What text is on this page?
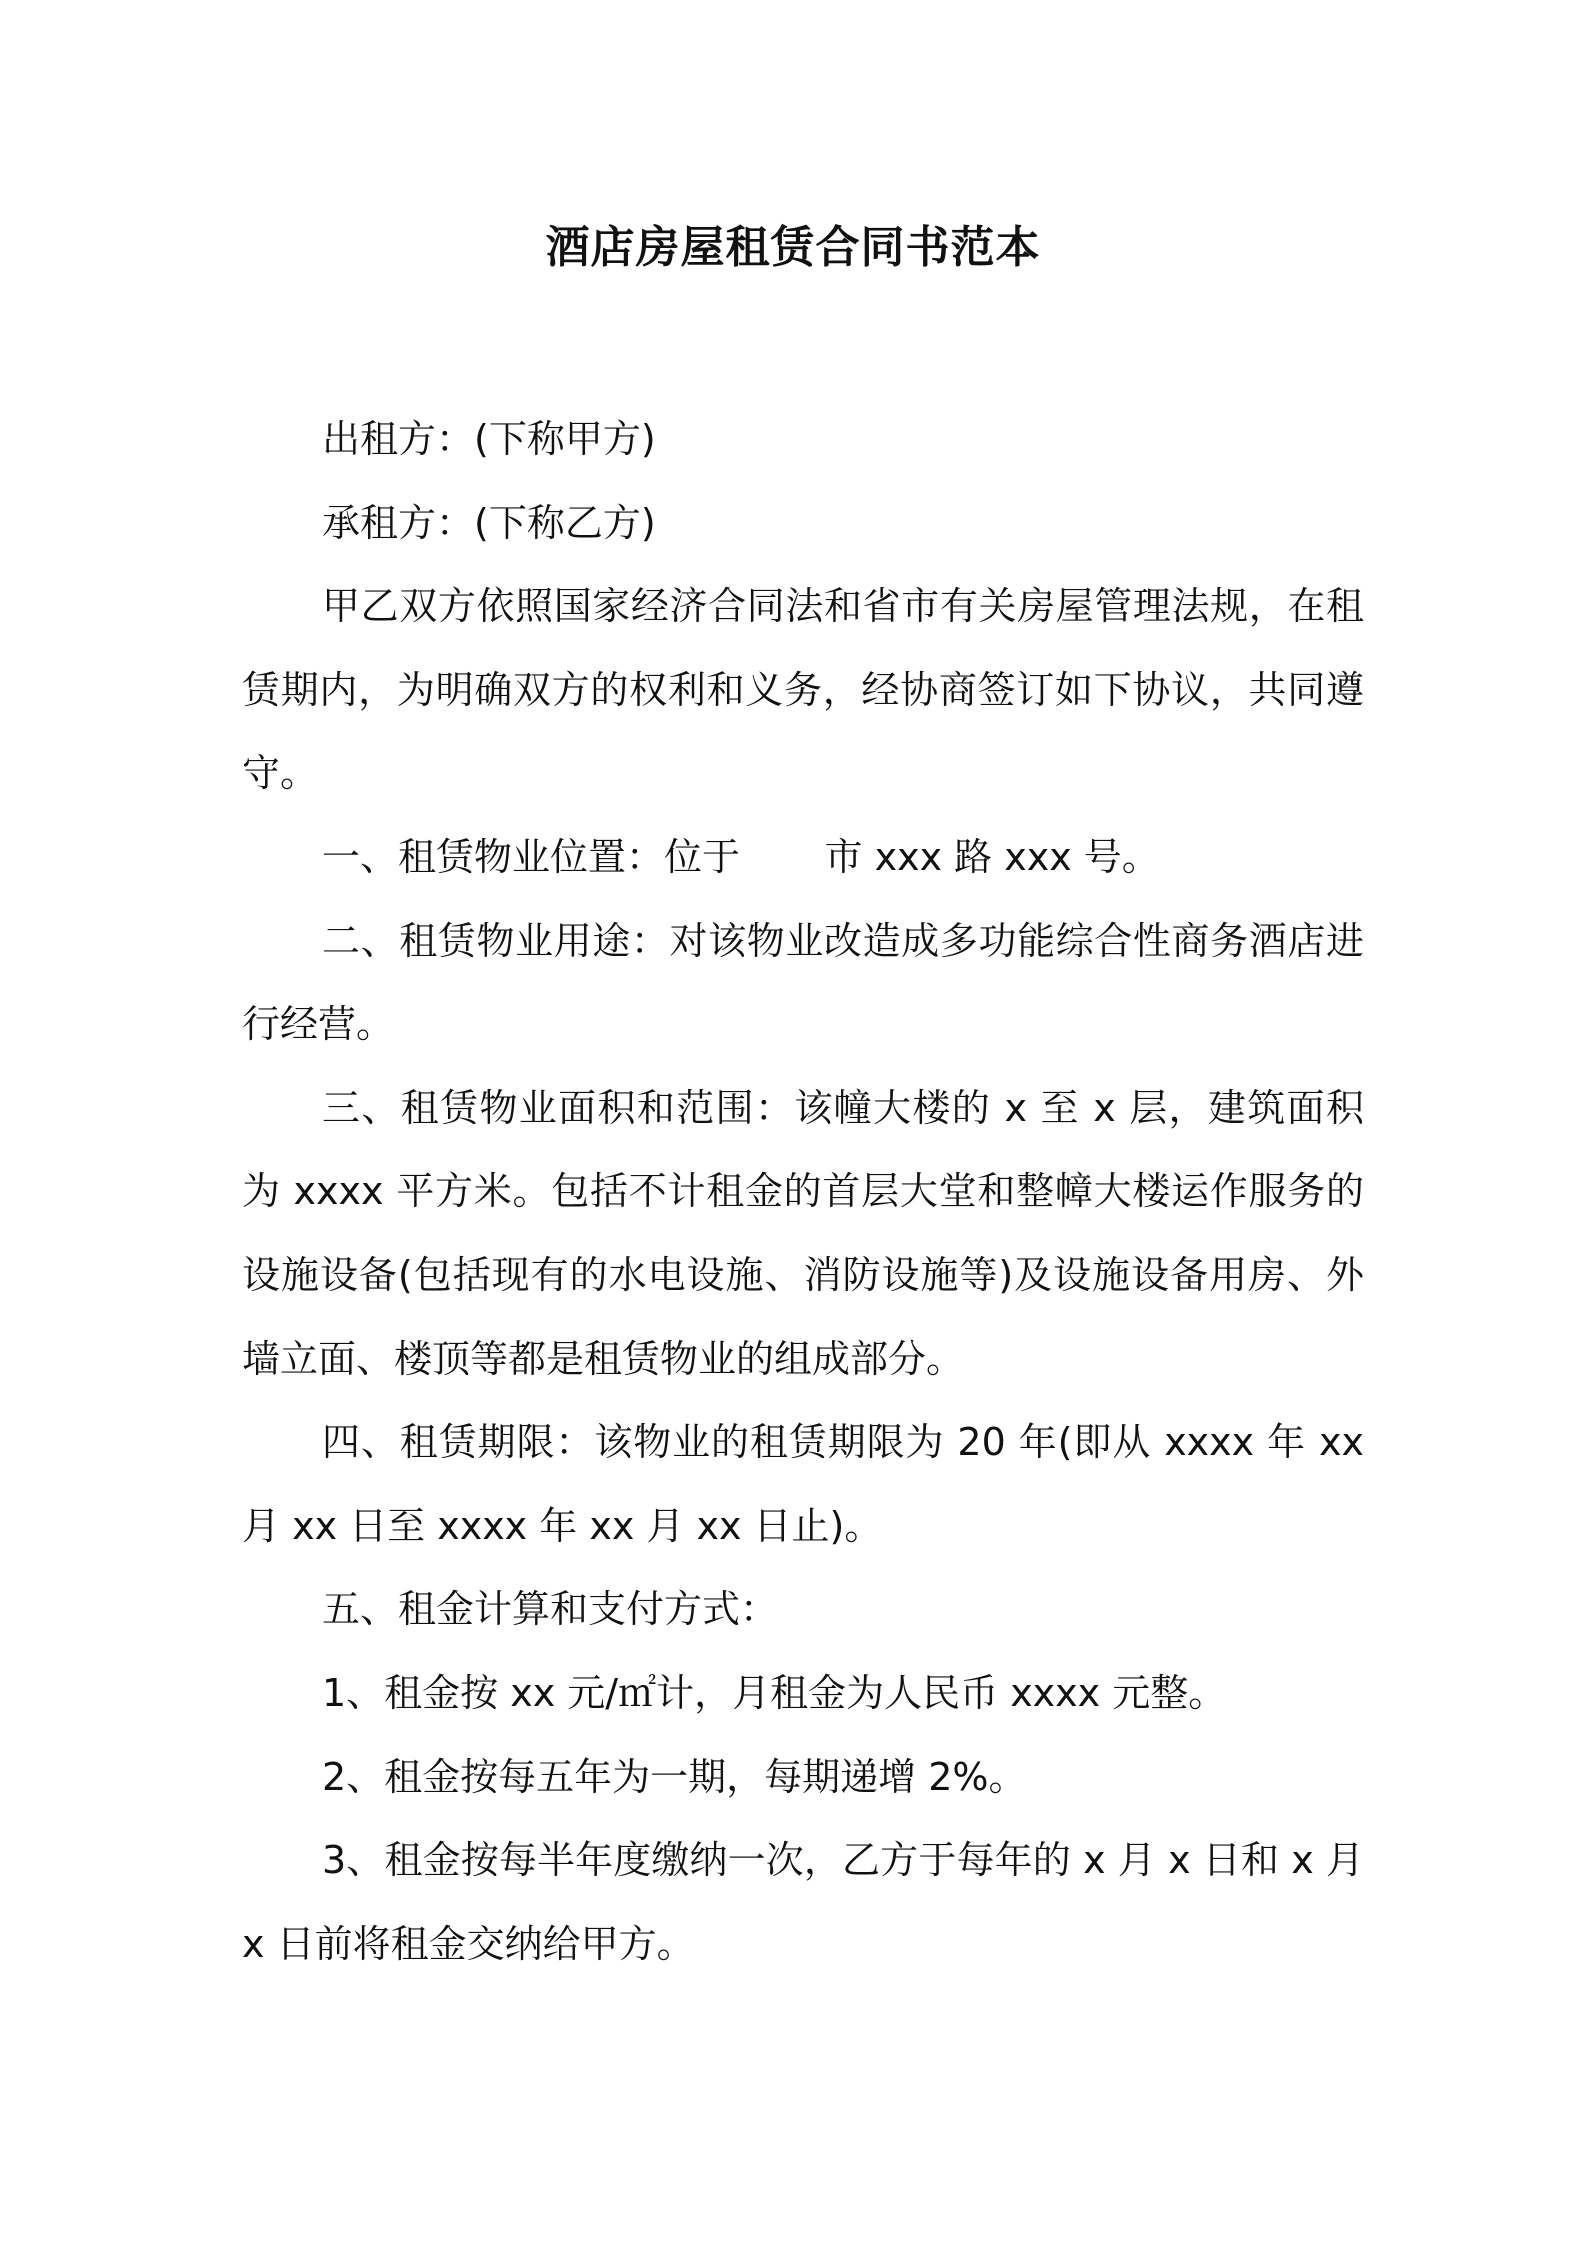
酒店房屋租赁合同书范本

出租方：(下称甲方)

承租方：(下称乙方)

甲乙双方依照国家经济合同法和省市有关房屋管理法规，在租赁期内，为明确双方的权利和义务，经协商签订如下协议，共同遵守。

一、租赁物业位置：位于       市 xxx 路 xxx 号。

二、租赁物业用途：对该物业改造成多功能综合性商务酒店进行经营。

三、租赁物业面积和范围：该幢大楼的 x 至 x 层，建筑面积为 xxxx 平方米。包括不计租金的首层大堂和整幛大楼运作服务的设施设备(包括现有的水电设施、消防设施等)及设施设备用房、外墙立面、楼顶等都是租赁物业的组成部分。

四、租赁期限：该物业的租赁期限为 20 年(即从 xxxx 年 xx 月 xx 日至 xxxx 年 xx 月 xx 日止)。

五、租金计算和支付方式：

1、租金按 xx 元/㎡计，月租金为人民币 xxxx 元整。

2、租金按每五年为一期，每期递增 2%。

3、租金按每半年度缴纳一次，乙方于每年的 x 月 x 日和 x 月 x 日前将租金交纳给甲方。
